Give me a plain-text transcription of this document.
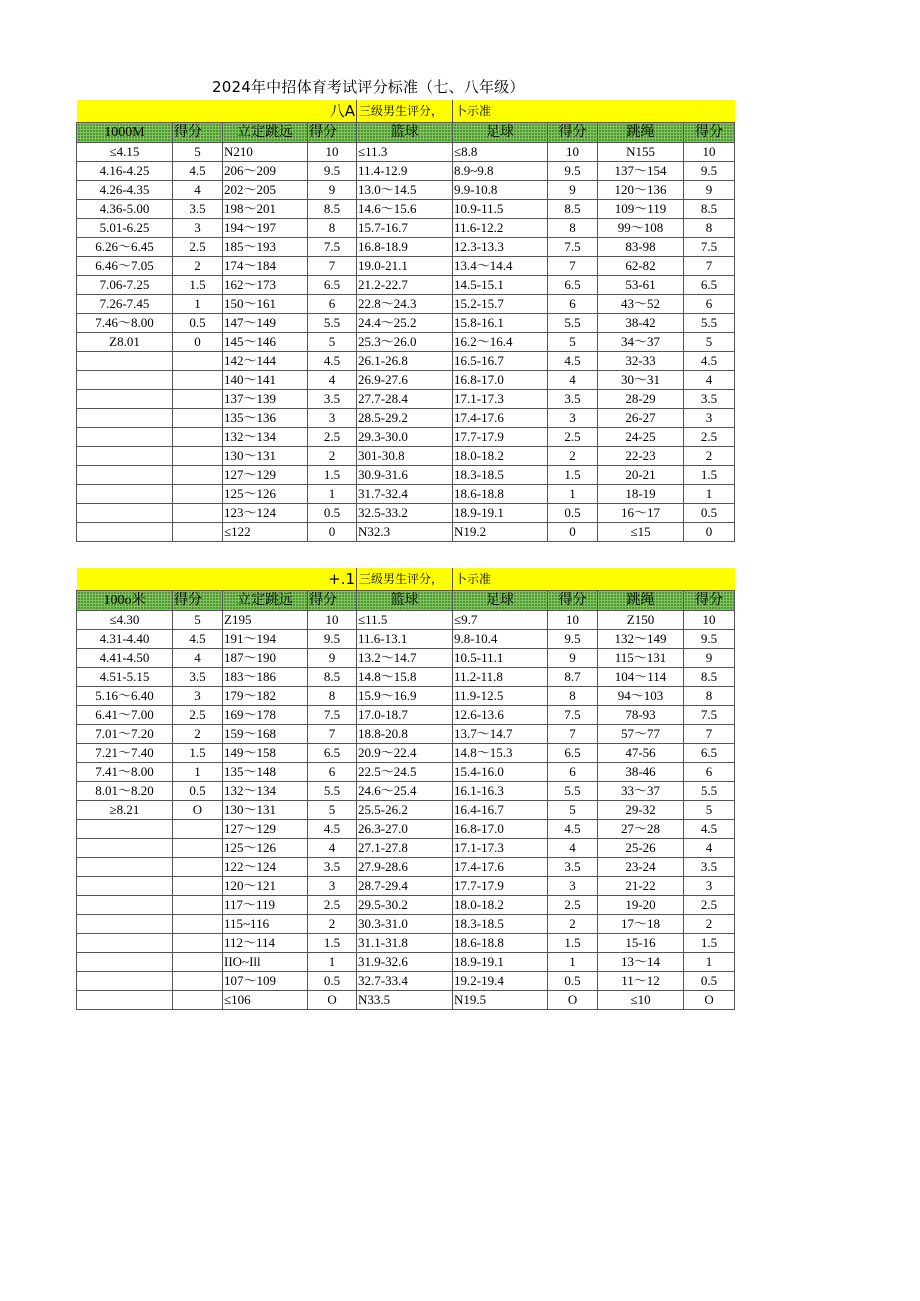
2024年中招体育考试评分标准（七、八年级）
八A				三级男生评分，	卜示准			
1000M	得分	立定跳远	得分	篮球	足球	得分	跳绳	得分
≤4.15	5	N210	10	≤11.3	≤8.8	10	N155	10
4.16-4.25	4.5	206～209	9.5	11.4-12.9	8.9~9.8	9.5	137～154	9.5
4.26-4.35	4	202～205	9	13.0～14.5	9.9-10.8	9	120～136	9
4.36-5.00	3.5	198～201	8.5	14.6～15.6	10.9-11.5	8.5	109～119	8.5
5.01-6.25	3	194～197	8	15.7-16.7	11.6-12.2	8	99～108	8
6.26～6.45	2.5	185～193	7.5	16.8-18.9	12.3-13.3	7.5	83-98	7.5
6.46～7.05	2	174～184	7	19.0-21.1	13.4～14.4	7	62-82	7
7.06-7.25	1.5	162～173	6.5	21.2-22.7	14.5-15.1	6.5	53-61	6.5
7.26-7.45	1	150～161	6	22.8～24.3	15.2-15.7	6	43～52	6
7.46～8.00	0.5	147～149	5.5	24.4～25.2	15.8-16.1	5.5	38-42	5.5
Z8.01	0	145～146	5	25.3～26.0	16.2～16.4	5	34～37	5
		142～144	4.5	26.1-26.8	16.5-16.7	4.5	32-33	4.5
		140～141	4	26.9-27.6	16.8-17.0	4	30～31	4
		137～139	3.5	27.7-28.4	17.1-17.3	3.5	28-29	3.5
		135～136	3	28.5-29.2	17.4-17.6	3	26-27	3
		132～134	2.5	29.3-30.0	17.7-17.9	2.5	24-25	2.5
		130～131	2	301-30.8	18.0-18.2	2	22-23	2
		127～129	1.5	30.9-31.6	18.3-18.5	1.5	20-21	1.5
		125～126	1	31.7-32.4	18.6-18.8	1	18-19	1
		123～124	0.5	32.5-33.2	18.9-19.1	0.5	16～17	0.5
		≤122	0	N32.3	N19.2	0	≤15	0
+.1				三级男生评分，	卜示准			
100o米	得分	立定跳远	得分	篮球	足球	得分	跳绳	得分
≤4.30	5	Z195	10	≤11.5	≤9.7	10	Z150	10
4.31-4.40	4.5	191～194	9.5	11.6-13.1	9.8-10.4	9.5	132～149	9.5
4.41-4.50	4	187～190	9	13.2～14.7	10.5-11.1	9	115～131	9
4.51-5.15	3.5	183～186	8.5	14.8～15.8	11.2-11.8	8.7	104～114	8.5
5.16～6.40	3	179～182	8	15.9～16.9	11.9-12.5	8	94～103	8
6.41～7.00	2.5	169～178	7.5	17.0-18.7	12.6-13.6	7.5	78-93	7.5
7.01～7.20	2	159～168	7	18.8-20.8	13.7～14.7	7	57～77	7
7.21～7.40	1.5	149～158	6.5	20.9～22.4	14.8～15.3	6.5	47-56	6.5
7.41～8.00	1	135～148	6	22.5～24.5	15.4-16.0	6	38-46	6
8.01～8.20	0.5	132～134	5.5	24.6～25.4	16.1-16.3	5.5	33～37	5.5
≥8.21	O	130～131	5	25.5-26.2	16.4-16.7	5	29-32	5
		127～129	4.5	26.3-27.0	16.8-17.0	4.5	27～28	4.5
		125～126	4	27.1-27.8	17.1-17.3	4	25-26	4
		122～124	3.5	27.9-28.6	17.4-17.6	3.5	23-24	3.5
		120～121	3	28.7-29.4	17.7-17.9	3	21-22	3
		117～119	2.5	29.5-30.2	18.0-18.2	2.5	19-20	2.5
		115~116	2	30.3-31.0	18.3-18.5	2	17～18	2
		112～114	1.5	31.1-31.8	18.6-18.8	1.5	15-16	1.5
		IIO~Ill	1	31.9-32.6	18.9-19.1	1	13～14	1
		107～109	0.5	32.7-33.4	19.2-19.4	0.5	11～12	0.5
		≤106	O	N33.5	N19.5	O	≤10	O
